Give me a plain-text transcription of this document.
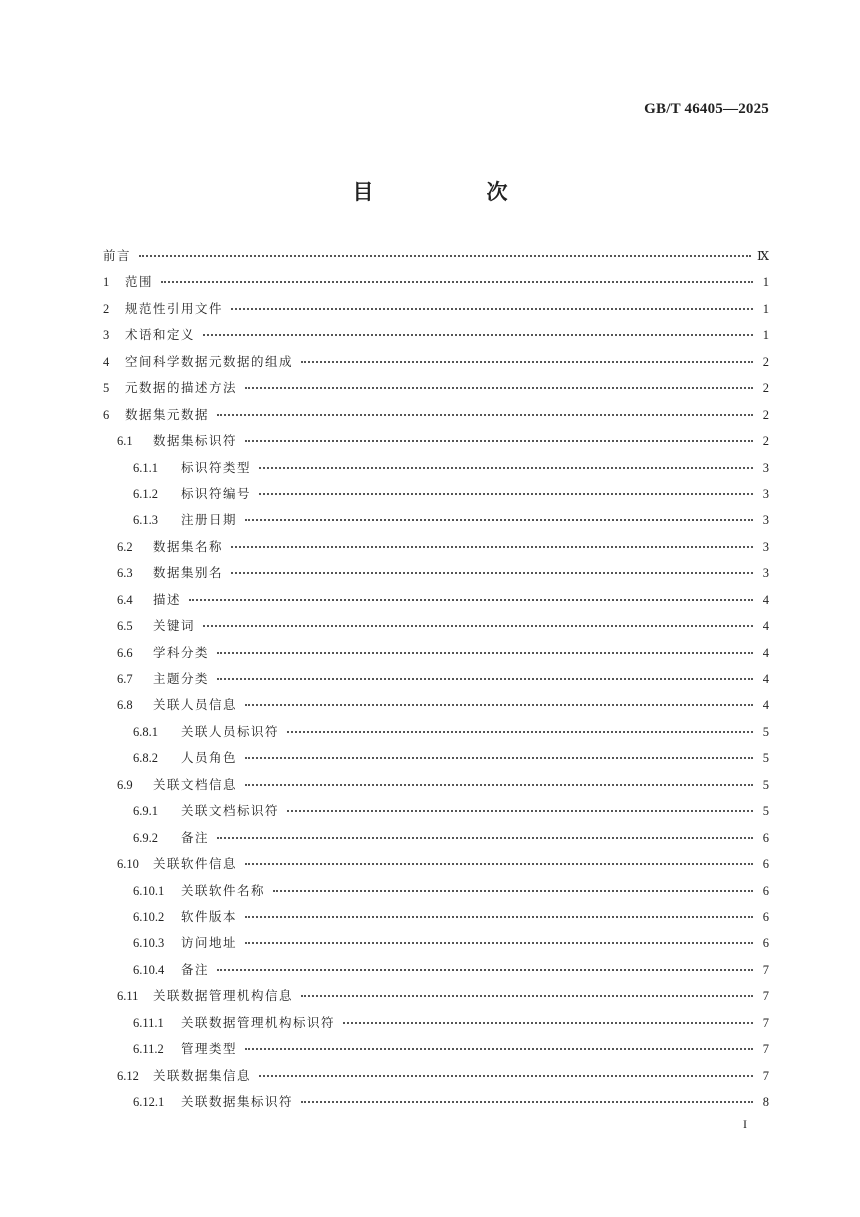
GB/T 46405—2025
目　次
前言	Ⅸ
1	范围	1
2	规范性引用文件	1
3	术语和定义	1
4	空间科学数据元数据的组成	2
5	元数据的描述方法	2
6	数据集元数据	2
6.1	数据集标识符	2
6.1.1	标识符类型	3
6.1.2	标识符编号	3
6.1.3	注册日期	3
6.2	数据集名称	3
6.3	数据集别名	3
6.4	描述	4
6.5	关键词	4
6.6	学科分类	4
6.7	主题分类	4
6.8	关联人员信息	4
6.8.1	关联人员标识符	5
6.8.2	人员角色	5
6.9	关联文档信息	5
6.9.1	关联文档标识符	5
6.9.2	备注	6
6.10	关联软件信息	6
6.10.1	关联软件名称	6
6.10.2	软件版本	6
6.10.3	访问地址	6
6.10.4	备注	7
6.11	关联数据管理机构信息	7
6.11.1	关联数据管理机构标识符	7
6.11.2	管理类型	7
6.12	关联数据集信息	7
6.12.1	关联数据集标识符	8
I
